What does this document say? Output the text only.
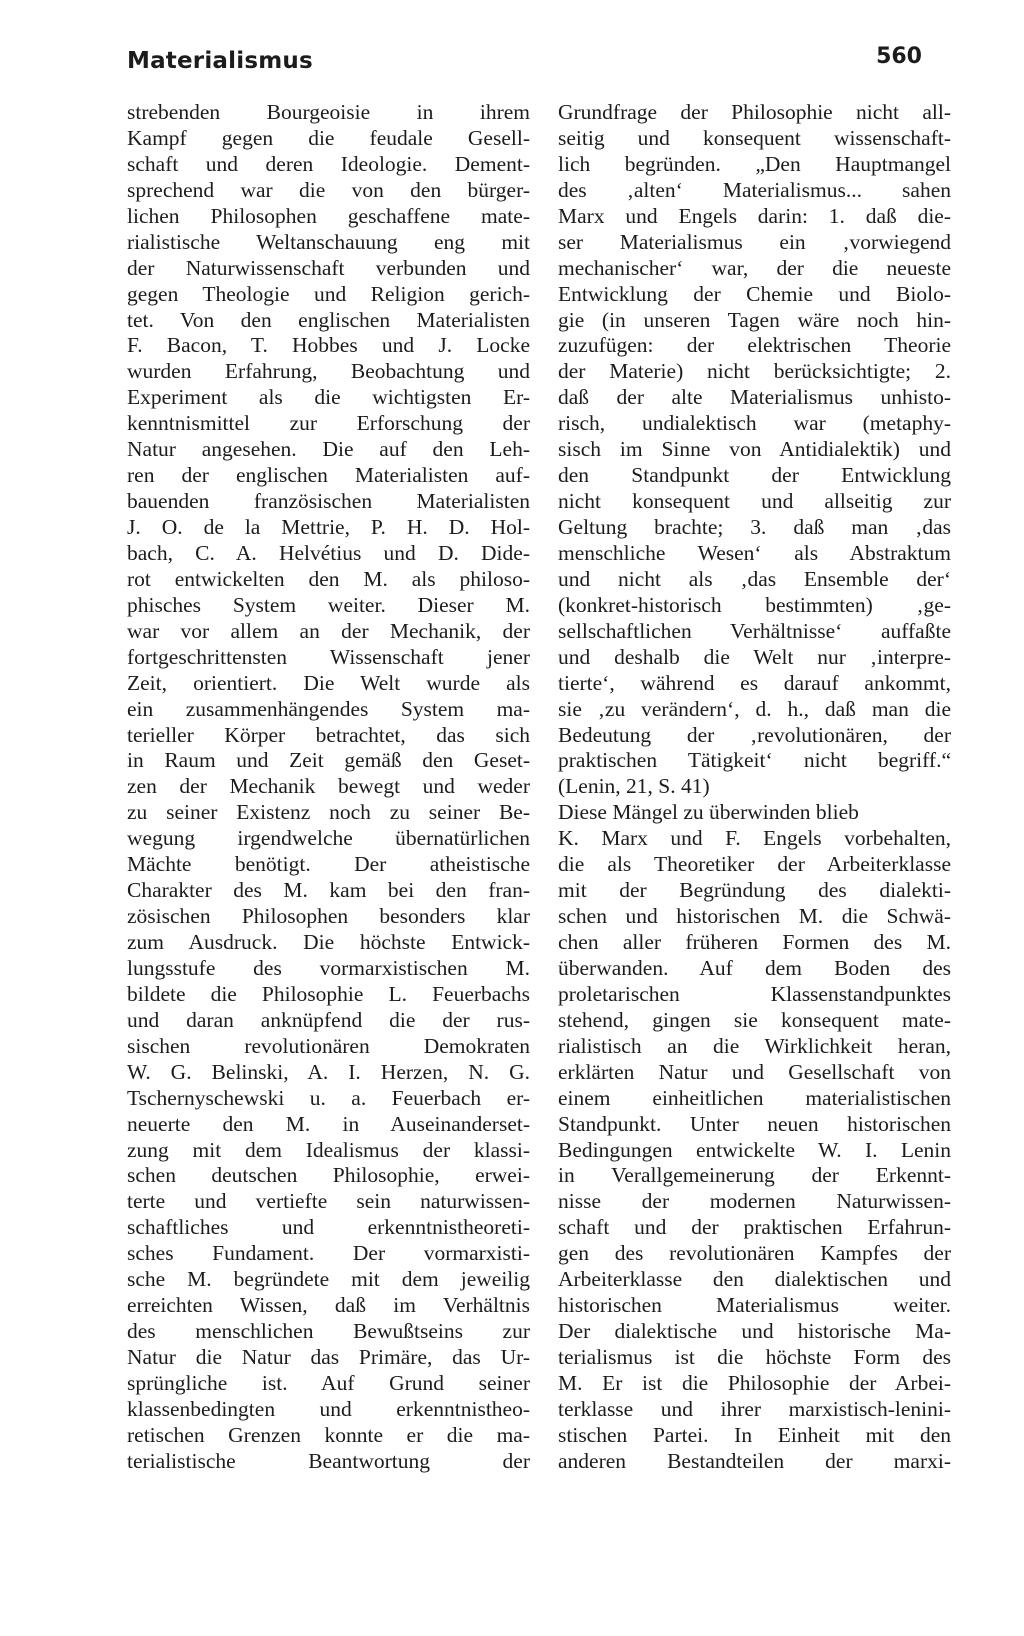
Materialismus	560
strebenden Bourgeoisie in ihrem
Kampf gegen die feudale Gesell-
schaft und deren Ideologie. Dement-
sprechend war die von den bürger-
lichen Philosophen geschaffene mate-
rialistische Weltanschauung eng mit
der Naturwissenschaft verbunden und
gegen Theologie und Religion gerich-
tet. Von den englischen Materialisten
F. Bacon, T. Hobbes und J. Locke
wurden Erfahrung, Beobachtung und
Experiment als die wichtigsten Er-
kenntnismittel zur Erforschung der
Natur angesehen. Die auf den Leh-
ren der englischen Materialisten auf-
bauenden französischen Materialisten
J. O. de la Mettrie, P. H. D. Hol-
bach, C. A. Helvétius und D. Dide-
rot entwickelten den M. als philoso-
phisches System weiter. Dieser M.
war vor allem an der Mechanik, der
fortgeschrittensten Wissenschaft jener
Zeit, orientiert. Die Welt wurde als
ein zusammenhängendes System ma-
terieller Körper betrachtet, das sich
in Raum und Zeit gemäß den Geset-
zen der Mechanik bewegt und weder
zu seiner Existenz noch zu seiner Be-
wegung irgendwelche übernatürlichen
Mächte benötigt. Der atheistische
Charakter des M. kam bei den fran-
zösischen Philosophen besonders klar
zum Ausdruck. Die höchste Entwick-
lungsstufe des vormarxistischen M.
bildete die Philosophie L. Feuerbachs
und daran anknüpfend die der rus-
sischen revolutionären Demokraten
W. G. Belinski, A. I. Herzen, N. G.
Tschernyschewski u. a. Feuerbach er-
neuerte den M. in Auseinanderset-
zung mit dem Idealismus der klassi-
schen deutschen Philosophie, erwei-
terte und vertiefte sein naturwissen-
schaftliches und erkenntnistheoreti-
sches Fundament. Der vormarxisti-
sche M. begründete mit dem jeweilig
erreichten Wissen, daß im Verhältnis
des menschlichen Bewußtseins zur
Natur die Natur das Primäre, das Ur-
sprüngliche ist. Auf Grund seiner
klassenbedingten und erkenntnistheo-
retischen Grenzen konnte er die ma-
terialistische Beantwortung der
Grundfrage der Philosophie nicht all-
seitig und konsequent wissenschaft-
lich begründen. „Den Hauptmangel
des ‚alten‘ Materialismus... sahen
Marx und Engels darin: 1. daß die-
ser Materialismus ein ‚vorwiegend
mechanischer‘ war, der die neueste
Entwicklung der Chemie und Biolo-
gie (in unseren Tagen wäre noch hin-
zuzufügen: der elektrischen Theorie
der Materie) nicht berücksichtigte; 2.
daß der alte Materialismus unhisto-
risch, undialektisch war (metaphy-
sisch im Sinne von Antidialektik) und
den Standpunkt der Entwicklung
nicht konsequent und allseitig zur
Geltung brachte; 3. daß man ‚das
menschliche Wesen‘ als Abstraktum
und nicht als ‚das Ensemble der‘
(konkret-historisch bestimmten) ‚ge-
sellschaftlichen Verhältnisse‘ auffaßte
und deshalb die Welt nur ‚interpre-
tierte‘, während es darauf ankommt,
sie ‚zu verändern‘, d. h., daß man die
Bedeutung der ‚revolutionären, der
praktischen Tätigkeit‘ nicht begriff.“
(Lenin, 21, S. 41)
Diese Mängel zu überwinden blieb
K. Marx und F. Engels vorbehalten,
die als Theoretiker der Arbeiterklasse
mit der Begründung des dialekti-
schen und historischen M. die Schwä-
chen aller früheren Formen des M.
überwanden. Auf dem Boden des
proletarischen Klassenstandpunktes
stehend, gingen sie konsequent mate-
rialistisch an die Wirklichkeit heran,
erklärten Natur und Gesellschaft von
einem einheitlichen materialistischen
Standpunkt. Unter neuen historischen
Bedingungen entwickelte W. I. Lenin
in Verallgemeinerung der Erkennt-
nisse der modernen Naturwissen-
schaft und der praktischen Erfahrun-
gen des revolutionären Kampfes der
Arbeiterklasse den dialektischen und
historischen Materialismus weiter.
Der dialektische und historische Ma-
terialismus ist die höchste Form des
M. Er ist die Philosophie der Arbei-
terklasse und ihrer marxistisch-lenini-
stischen Partei. In Einheit mit den
anderen Bestandteilen der marxi-
